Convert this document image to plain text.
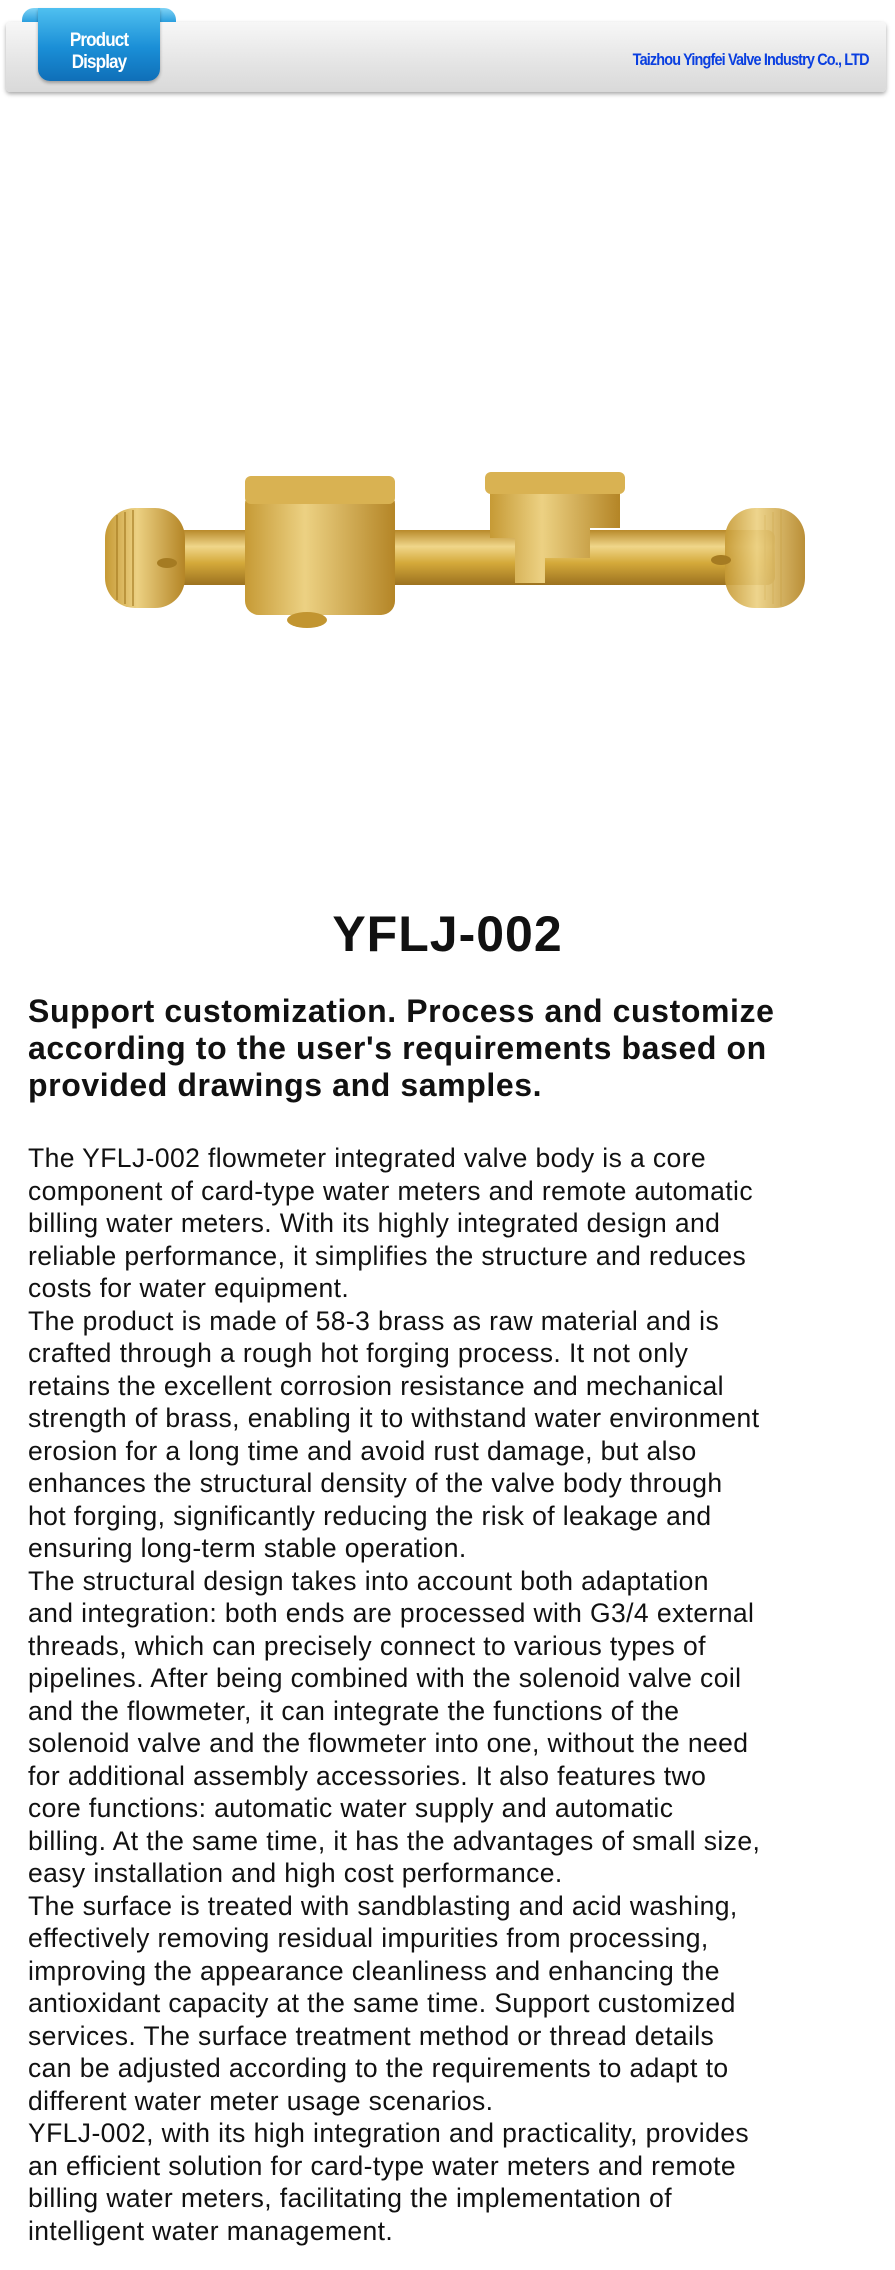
Product Display	Taizhou Yingfei Valve Industry Co., LTD
YFLJ-002
Support customization. Process and customize
according to the user's requirements based on
provided drawings and samples.
The YFLJ-002 flowmeter integrated valve body is a core
component of card-type water meters and remote automatic
billing water meters. With its highly integrated design and
reliable performance, it simplifies the structure and reduces
costs for water equipment.
The product is made of 58-3 brass as raw material and is
crafted through a rough hot forging process. It not only
retains the excellent corrosion resistance and mechanical
strength of brass, enabling it to withstand water environment
erosion for a long time and avoid rust damage, but also
enhances the structural density of the valve body through
hot forging, significantly reducing the risk of leakage and
ensuring long-term stable operation.
The structural design takes into account both adaptation
and integration: both ends are processed with G3/4 external
threads, which can precisely connect to various types of
pipelines. After being combined with the solenoid valve coil
and the flowmeter, it can integrate the functions of the
solenoid valve and the flowmeter into one, without the need
for additional assembly accessories. It also features two
core functions: automatic water supply and automatic
billing. At the same time, it has the advantages of small size,
easy installation and high cost performance.
The surface is treated with sandblasting and acid washing,
effectively removing residual impurities from processing,
improving the appearance cleanliness and enhancing the
antioxidant capacity at the same time. Support customized
services. The surface treatment method or thread details
can be adjusted according to the requirements to adapt to
different water meter usage scenarios.
YFLJ-002, with its high integration and practicality, provides
an efficient solution for card-type water meters and remote
billing water meters, facilitating the implementation of
intelligent water management.
